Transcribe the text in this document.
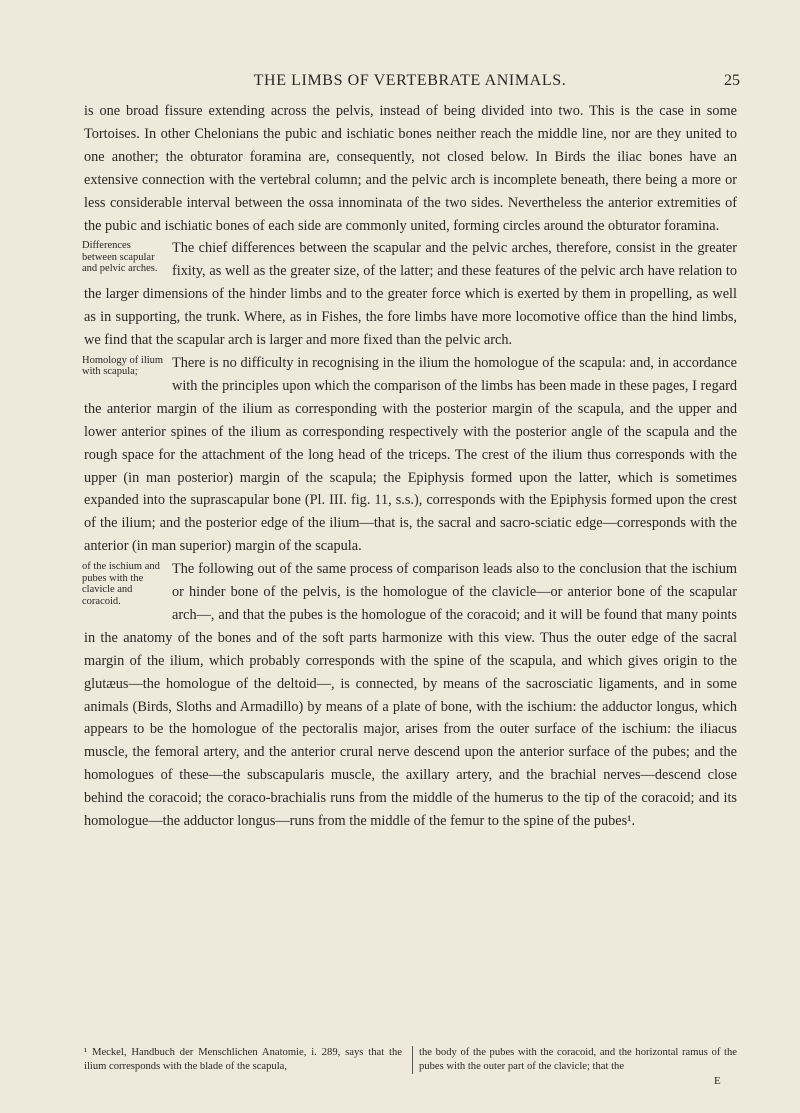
THE LIMBS OF VERTEBRATE ANIMALS.	25

is one broad fissure extending across the pelvis, instead of being divided into two. This is the case in some Tortoises. In other Chelonians the pubic and ischiatic bones neither reach the middle line, nor are they united to one another; the obturator foramina are, consequently, not closed below. In Birds the iliac bones have an extensive connection with the vertebral column; and the pelvic arch is incomplete beneath, there being a more or less considerable interval between the ossa innominata of the two sides. Nevertheless the anterior extremities of the pubic and ischiatic bones of each side are commonly united, forming circles around the obturator foramina.

Differences between scapular and pelvic arches.
The chief differences between the scapular and the pelvic arches, therefore, consist in the greater fixity, as well as the greater size, of the latter; and these features of the pelvic arch have relation to the larger dimensions of the hinder limbs and to the greater force which is exerted by them in propelling, as well as in supporting, the trunk. Where, as in Fishes, the fore limbs have more locomotive office than the hind limbs, we find that the scapular arch is larger and more fixed than the pelvic arch.

Homology of ilium with scapula;
There is no difficulty in recognising in the ilium the homologue of the scapula: and, in accordance with the principles upon which the comparison of the limbs has been made in these pages, I regard the anterior margin of the ilium as corresponding with the posterior margin of the scapula, and the upper and lower anterior spines of the ilium as corresponding respectively with the posterior angle of the scapula and the rough space for the attachment of the long head of the triceps. The crest of the ilium thus corresponds with the upper (in man posterior) margin of the scapula; the Epiphysis formed upon the latter, which is sometimes expanded into the suprascapular bone (Pl. III. fig. 11, s.s.), corresponds with the Epiphysis formed upon the crest of the ilium; and the posterior edge of the ilium—that is, the sacral and sacro-sciatic edge—corresponds with the anterior (in man superior) margin of the scapula.

of the ischium and pubes with the clavicle and coracoid.
The following out of the same process of comparison leads also to the conclusion that the ischium or hinder bone of the pelvis, is the homologue of the clavicle—or anterior bone of the scapular arch—, and that the pubes is the homologue of the coracoid; and it will be found that many points in the anatomy of the bones and of the soft parts harmonize with this view. Thus the outer edge of the sacral margin of the ilium, which probably corresponds with the spine of the scapula, and which gives origin to the glutæus—the homologue of the deltoid—, is connected, by means of the sacrosciatic ligaments, and in some animals (Birds, Sloths and Armadillo) by means of a plate of bone, with the ischium: the adductor longus, which appears to be the homologue of the pectoralis major, arises from the outer surface of the ischium: the iliacus muscle, the femoral artery, and the anterior crural nerve descend upon the anterior surface of the pubes; and the homologues of these—the subscapularis muscle, the axillary artery, and the brachial nerves—descend close behind the coracoid; the coraco-brachialis runs from the middle of the humerus to the tip of the coracoid; and its homologue—the adductor longus—runs from the middle of the femur to the spine of the pubes¹.

¹ Meckel, Handbuch der Menschlichen Anatomie, i. 289, says that the ilium corresponds with the blade of the scapula,
the body of the pubes with the coracoid, and the horizontal ramus of the pubes with the outer part of the clavicle; that the
E
